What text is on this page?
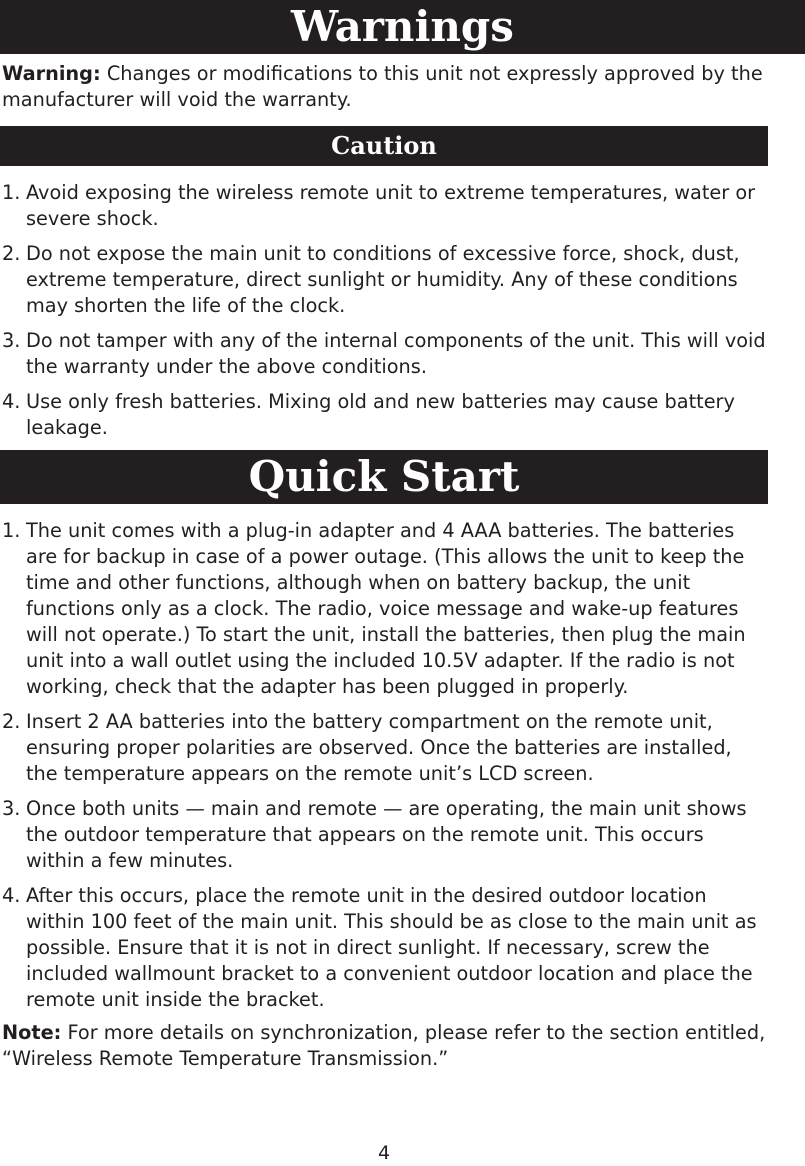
Warnings

Warning: Changes or modifications to this unit not expressly approved by the manufacturer will void the warranty.

Caution
1. Avoid exposing the wireless remote unit to extreme temperatures, water or severe shock.
2. Do not expose the main unit to conditions of excessive force, shock, dust, extreme temperature, direct sunlight or humidity. Any of these conditions may shorten the life of the clock.
3. Do not tamper with any of the internal components of the unit. This will void the warranty under the above conditions.
4. Use only fresh batteries. Mixing old and new batteries may cause battery leakage.
Quick Start
1. The unit comes with a plug-in adapter and 4 AAA batteries. The batteries are for backup in case of a power outage. (This allows the unit to keep the time and other functions, although when on battery backup, the unit functions only as a clock. The radio, voice message and wake-up features will not operate.) To start the unit, install the batteries, then plug the main unit into a wall outlet using the included 10.5V adapter. If the radio is not working, check that the adapter has been plugged in properly.
2. Insert 2 AA batteries into the battery compartment on the remote unit, ensuring proper polarities are observed. Once the batteries are installed, the temperature appears on the remote unit’s LCD screen.
3. Once both units — main and remote — are operating, the main unit shows the outdoor temperature that appears on the remote unit. This occurs within a few minutes.
4. After this occurs, place the remote unit in the desired outdoor location within 100 feet of the main unit. This should be as close to the main unit as possible. Ensure that it is not in direct sunlight. If necessary, screw the included wallmount bracket to a convenient outdoor location and place the remote unit inside the bracket.

Note: For more details on synchronization, please refer to the section entitled, “Wireless Remote Temperature Transmission.”

4
